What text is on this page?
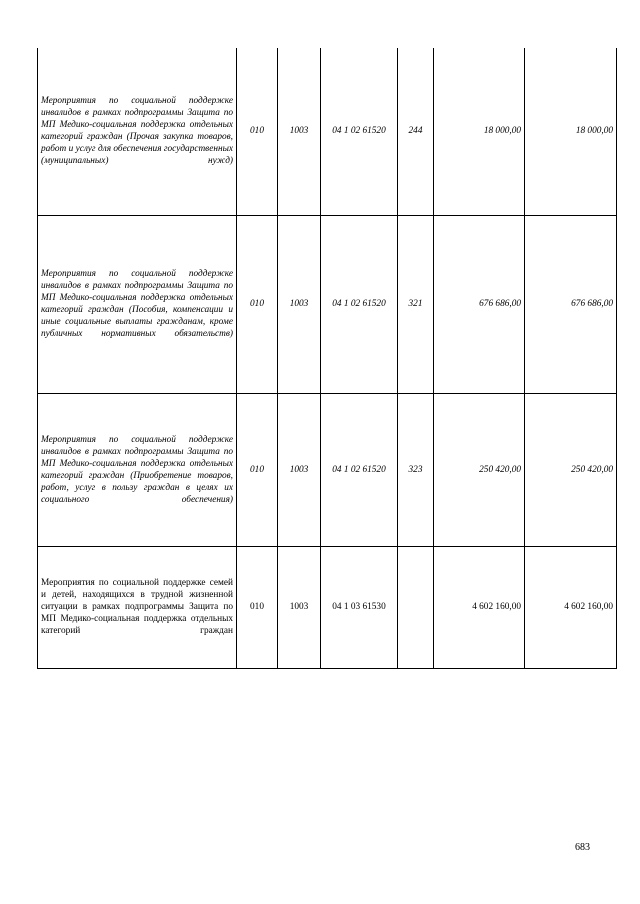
Мероприятия по социальной поддержке инвалидов в рамках подпрограммы Защита по МП Медико-социальная поддержка отдельных категорий граждан (Прочая закупка товаров, работ и услуг для обеспечения государственных (муниципальных) нужд)	010	1003	04 1 02 61520	244	18 000,00	18 000,00
Мероприятия по социальной поддержке инвалидов в рамках подпрограммы Защита по МП Медико-социальная поддержка отдельных категорий граждан (Пособия, компенсации и иные социальные выплаты гражданам, кроме публичных нормативных обязательств)	010	1003	04 1 02 61520	321	676 686,00	676 686,00
Мероприятия по социальной поддержке инвалидов в рамках подпрограммы Защита по МП Медико-социальная поддержка отдельных категорий граждан (Приобретение товаров, работ, услуг в пользу граждан в целях их социального обеспечения)	010	1003	04 1 02 61520	323	250 420,00	250 420,00
Мероприятия по социальной поддержке семей и детей, находящихся в трудной жизненной ситуации в рамках подпрограммы Защита по МП Медико-социальная поддержка отдельных категорий граждан	010	1003	04 1 03 61530		4 602 160,00	4 602 160,00
683
